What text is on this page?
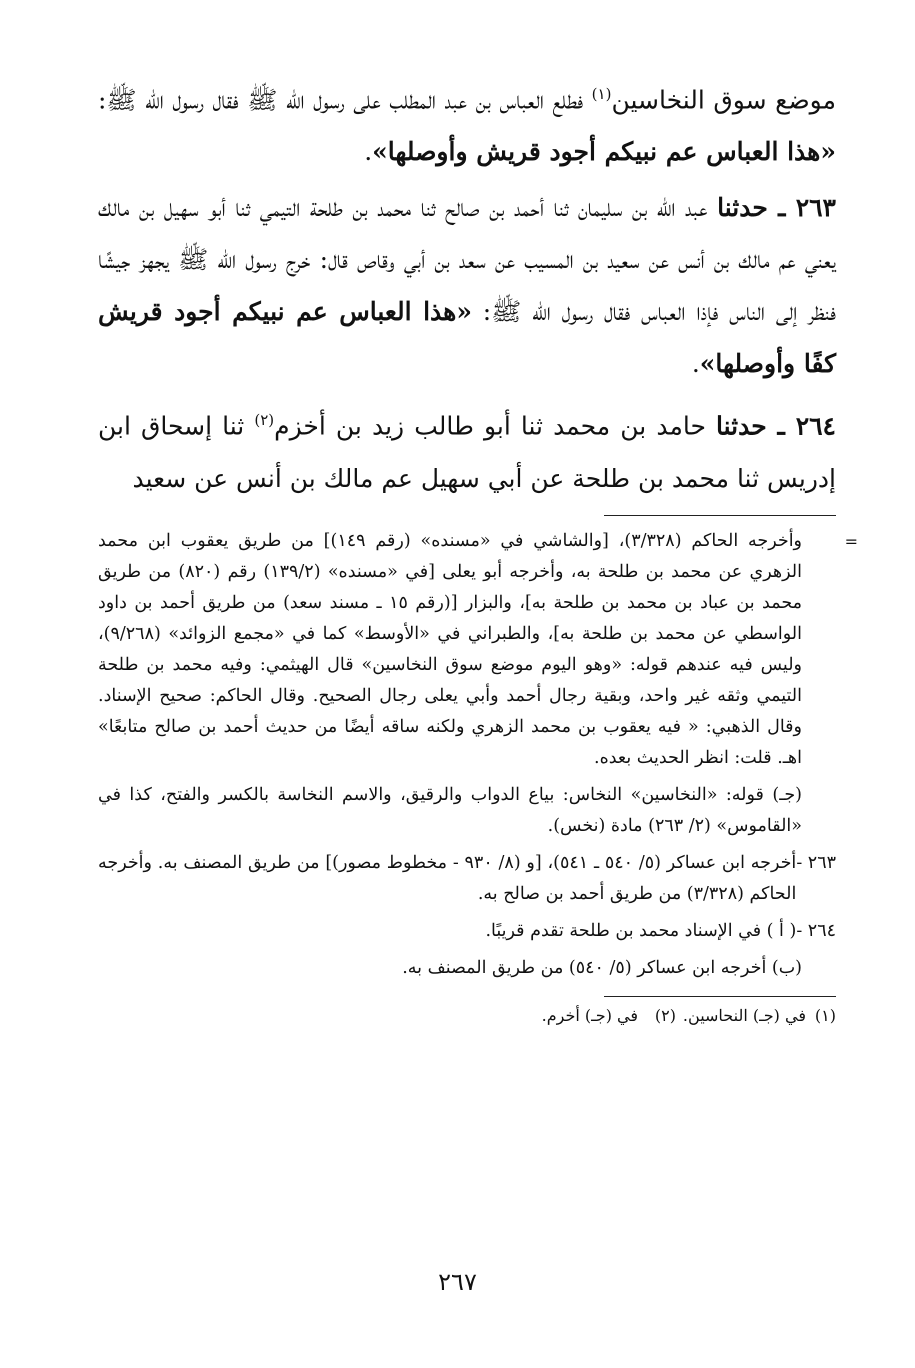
موضع سوق النخاسين$^{(١)}$ فطلع العباس بن عبد المطلب على رسول الله ﷺ فقال رسول الله ﷺ: «هذا العباس عم نبيكم أجود قريش وأوصلها».

٢٦٣ ـ حدثنا عبد الله بن سليمان ثنا أحمد بن صالح ثنا محمد بن طلحة التيمي ثنا أبو سهيل بن مالك يعني عم مالك بن أنس عن سعيد بن المسيب عن سعد بن أبي وقاص قال: خرج رسول الله ﷺ يجهز جيشًا فنظر إلى الناس فإذا العباس فقال رسول الله ﷺ: «هذا العباس عم نبيكم أجود قريش كفًا وأوصلها».

٢٦٤ ـ حدثنا حامد بن محمد ثنا أبو طالب زيد بن أخزم$^{(٢)}$ ثنا إسحاق ابن إدريس ثنا محمد بن طلحة عن أبي سهيل عم مالك بن أنس عن سعيد

=

وأخرجه الحاكم (٣/٣٢٨)، [والشاشي في «مسنده» (رقم ١٤٩)] من طريق يعقوب ابن محمد الزهري عن محمد بن طلحة به، وأخرجه أبو يعلى [في «مسنده» (١٣٩/٢) رقم (٨٢٠) من طريق محمد بن عباد بن محمد بن طلحة به]، والبزار [(رقم ١٥ ـ مسند سعد) من طريق أحمد بن داود الواسطي عن محمد بن طلحة به]، والطبراني في «الأوسط» كما في «مجمع الزوائد» (٩/٢٦٨)، وليس فيه عندهم قوله: «وهو اليوم موضع سوق النخاسين» قال الهيثمي: وفيه محمد بن طلحة التيمي وثقه غير واحد، وبقية رجال أحمد وأبي يعلى رجال الصحيح. وقال الحاكم: صحيح الإسناد. وقال الذهبي: « فيه يعقوب بن محمد الزهري ولكنه ساقه أيضًا من حديث أحمد بن صالح متابعًا» اهـ. قلت: انظر الحديث بعده.

(جـ) قوله: «النخاسين» النخاس: بياع الدواب والرقيق، والاسم النخاسة بالكسر والفتح، كذا في «القاموس» (٢/ ٢٦٣) مادة (نخس).

٢٦٣ -

أخرجه ابن عساكر (٥/ ٥٤٠ ـ ٥٤١)، [و (٨/ ٩٣٠ - مخطوط مصور)] من طريق المصنف به. وأخرجه الحاكم (٣/٣٢٨) من طريق أحمد بن صالح به.

٢٦٤ -

( أ ) في الإسناد محمد بن طلحة تقدم قريبًا.

(ب) أخرجه ابن عساكر (٥/ ٥٤٠) من طريق المصنف به.

(١)
في (جـ) النحاسين.
(٢)
في (جـ) أخرم.
٢٦٧
